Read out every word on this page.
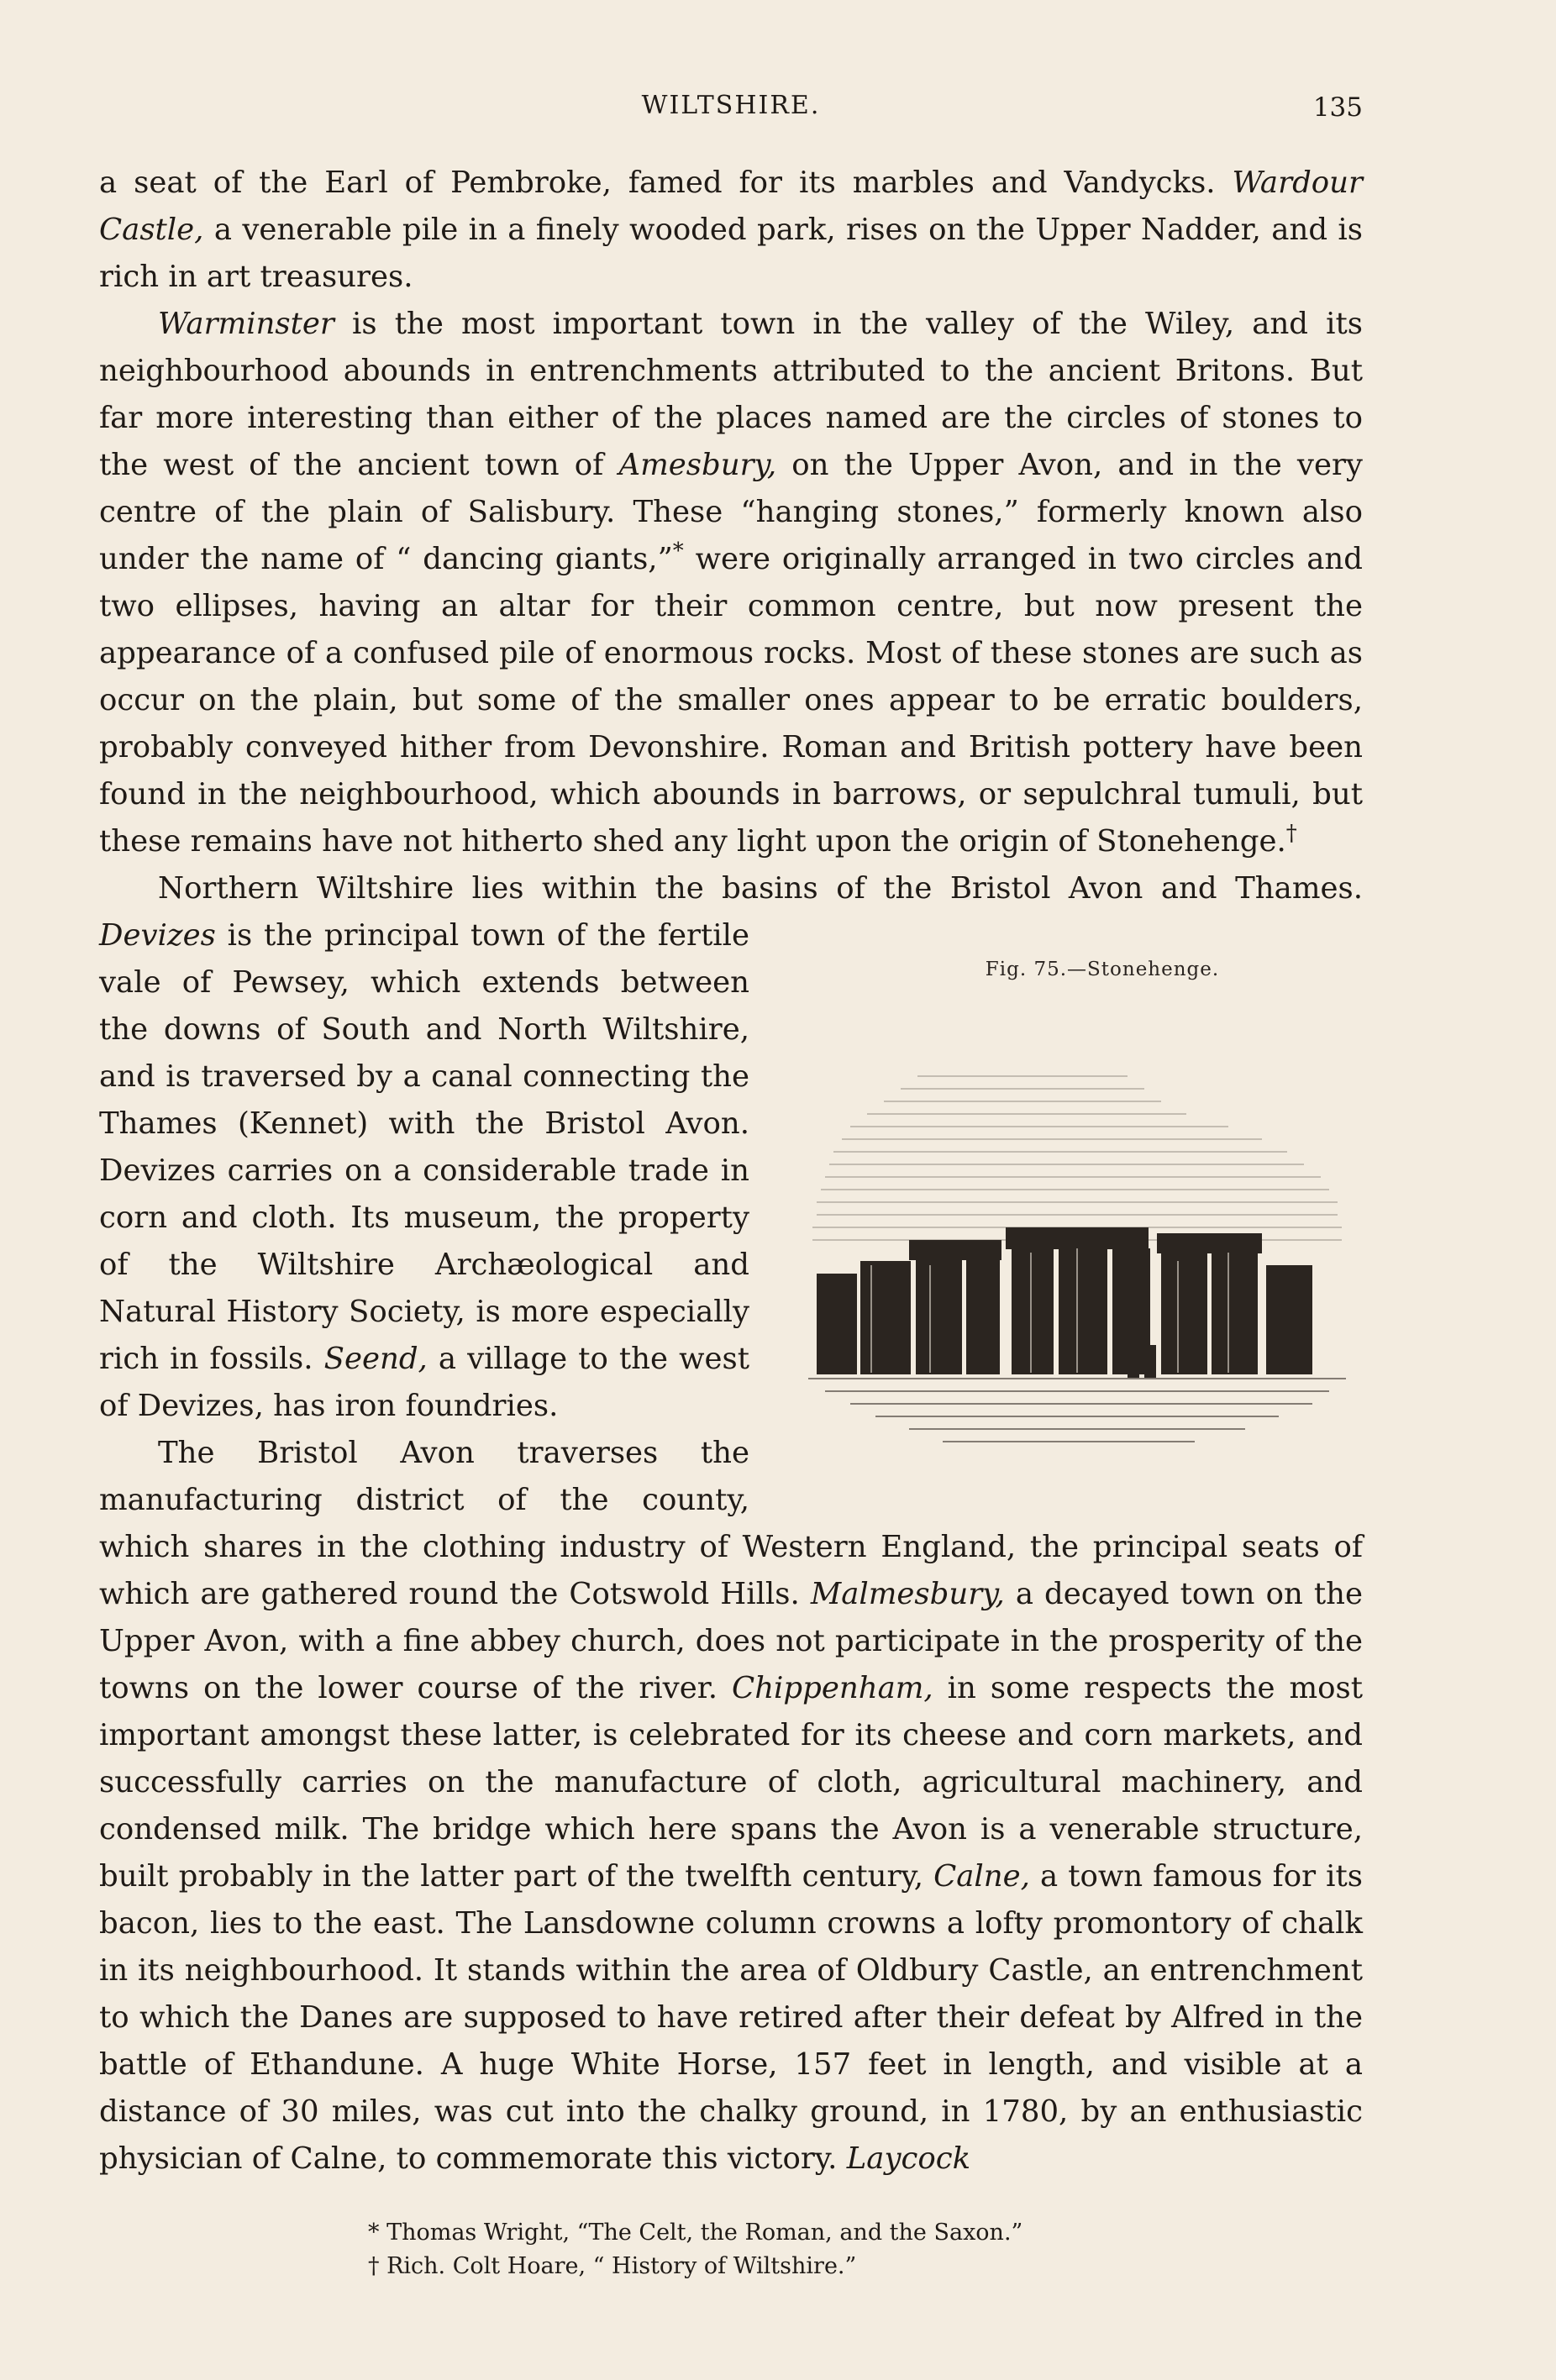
WILTSHIRE.	135

a seat of the Earl of Pembroke, famed for its marbles and Vandycks. Wardour Castle, a venerable pile in a finely wooded park, rises on the Upper Nadder, and is rich in art treasures.

Warminster is the most important town in the valley of the Wiley, and its neighbourhood abounds in entrenchments attributed to the ancient Britons. But far more interesting than either of the places named are the circles of stones to the west of the ancient town of Amesbury, on the Upper Avon, and in the very centre of the plain of Salisbury. These “hanging stones,” formerly known also under the name of “ dancing giants,”* were originally arranged in two circles and two ellipses, having an altar for their common centre, but now present the appearance of a confused pile of enormous rocks. Most of these stones are such as occur on the plain, but some of the smaller ones appear to be erratic boulders, probably conveyed hither from Devonshire. Roman and British pottery have been found in the neighbourhood, which abounds in barrows, or sepulchral tumuli, but these remains have not hitherto shed any light upon the origin of Stonehenge.†

Northern Wiltshire lies within the basins of the Bristol Avon and Thames.
Fig. 75.—Stonehenge.
Devizes is the principal town of the fertile vale of Pewsey, which extends between the downs of South and North Wiltshire, and is traversed by a canal connecting the Thames (Kennet) with the Bristol Avon. Devizes carries on a considerable trade in corn and cloth. Its museum, the property of the Wiltshire Archæological and Natural History Society, is more especially rich in fossils. Seend, a village to the west of Devizes, has iron foundries.

The Bristol Avon traverses the manufacturing district of the county, which shares in the clothing industry of Western England, the principal seats of which are gathered round the Cotswold Hills. Malmesbury, a decayed town on the Upper Avon, with a fine abbey church, does not participate in the prosperity of the towns on the lower course of the river. Chippenham, in some respects the most important amongst these latter, is celebrated for its cheese and corn markets, and successfully carries on the manufacture of cloth, agricultural machinery, and condensed milk. The bridge which here spans the Avon is a venerable structure, built probably in the latter part of the twelfth century, Calne, a town famous for its bacon, lies to the east. The Lansdowne column crowns a lofty promontory of chalk in its neighbourhood. It stands within the area of Oldbury Castle, an entrenchment to which the Danes are supposed to have retired after their defeat by Alfred in the battle of Ethandune. A huge White Horse, 157 feet in length, and visible at a distance of 30 miles, was cut into the chalky ground, in 1780, by an enthusiastic physician of Calne, to commemorate this victory. Laycock

* Thomas Wright, “The Celt, the Roman, and the Saxon.”
† Rich. Colt Hoare, “ History of Wiltshire.”
